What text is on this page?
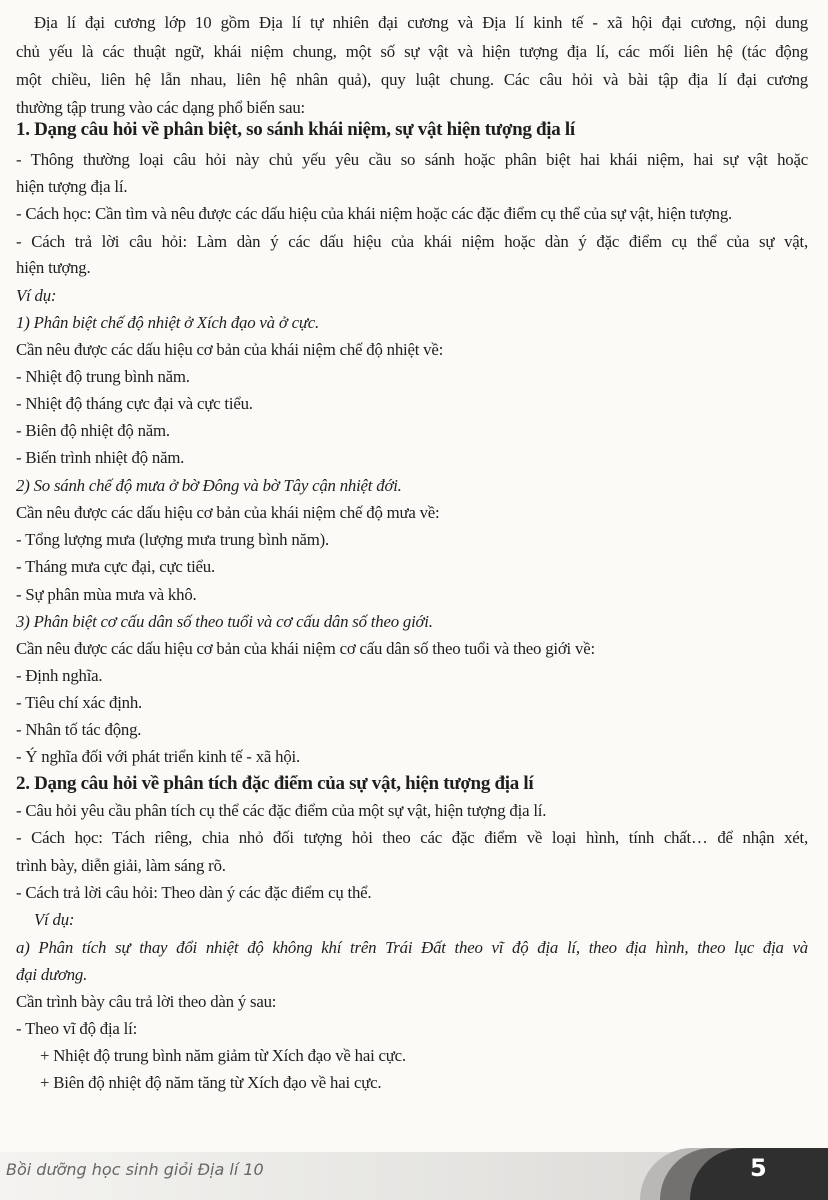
Địa lí đại cương lớp 10 gồm Địa lí tự nhiên đại cương và Địa lí kinh tế - xã hội đại cương, nội dung
chủ yếu là các thuật ngữ, khái niệm chung, một số sự vật và hiện tượng địa lí, các mối liên hệ (tác động
một chiều, liên hệ lẫn nhau, liên hệ nhân quả), quy luật chung. Các câu hỏi và bài tập địa lí đại cương
thường tập trung vào các dạng phổ biến sau:
1. Dạng câu hỏi về phân biệt, so sánh khái niệm, sự vật hiện tượng địa lí
- Thông thường loại câu hỏi này chủ yếu yêu cầu so sánh hoặc phân biệt hai khái niệm, hai sự vật hoặc
hiện tượng địa lí.
- Cách học: Cần tìm và nêu được các dấu hiệu của khái niệm hoặc các đặc điểm cụ thể của sự vật, hiện tượng.
- Cách trả lời câu hỏi: Làm dàn ý các dấu hiệu của khái niệm hoặc dàn ý đặc điểm cụ thể của sự vật,
hiện tượng.
Ví dụ:
1) Phân biệt chế độ nhiệt ở Xích đạo và ở cực.
Cần nêu được các dấu hiệu cơ bản của khái niệm chế độ nhiệt về:
- Nhiệt độ trung bình năm.
- Nhiệt độ tháng cực đại và cực tiểu.
- Biên độ nhiệt độ năm.
- Biến trình nhiệt độ năm.
2) So sánh chế độ mưa ở bờ Đông và bờ Tây cận nhiệt đới.
Cần nêu được các dấu hiệu cơ bản của khái niệm chế độ mưa về:
- Tổng lượng mưa (lượng mưa trung bình năm).
- Tháng mưa cực đại, cực tiểu.
- Sự phân mùa mưa và khô.
3) Phân biệt cơ cấu dân số theo tuổi và cơ cấu dân số theo giới.
Cần nêu được các dấu hiệu cơ bản của khái niệm cơ cấu dân số theo tuổi và theo giới về:
- Định nghĩa.
- Tiêu chí xác định.
- Nhân tố tác động.
- Ý nghĩa đối với phát triển kinh tế - xã hội.
2. Dạng câu hỏi về phân tích đặc điểm của sự vật, hiện tượng địa lí
- Câu hỏi yêu cầu phân tích cụ thể các đặc điểm của một sự vật, hiện tượng địa lí.
- Cách học: Tách riêng, chia nhỏ đối tượng hỏi theo các đặc điểm về loại hình, tính chất… để nhận xét,
trình bày, diễn giải, làm sáng rõ.
- Cách trả lời câu hỏi: Theo dàn ý các đặc điểm cụ thể.
Ví dụ:
a) Phân tích sự thay đổi nhiệt độ không khí trên Trái Đất theo vĩ độ địa lí, theo địa hình, theo lục địa và
đại dương.
Cần trình bày câu trả lời theo dàn ý sau:
- Theo vĩ độ địa lí:
+ Nhiệt độ trung bình năm giảm từ Xích đạo về hai cực.
+ Biên độ nhiệt độ năm tăng từ Xích đạo về hai cực.
Bồi dưỡng học sinh giỏi Địa lí 10	5
